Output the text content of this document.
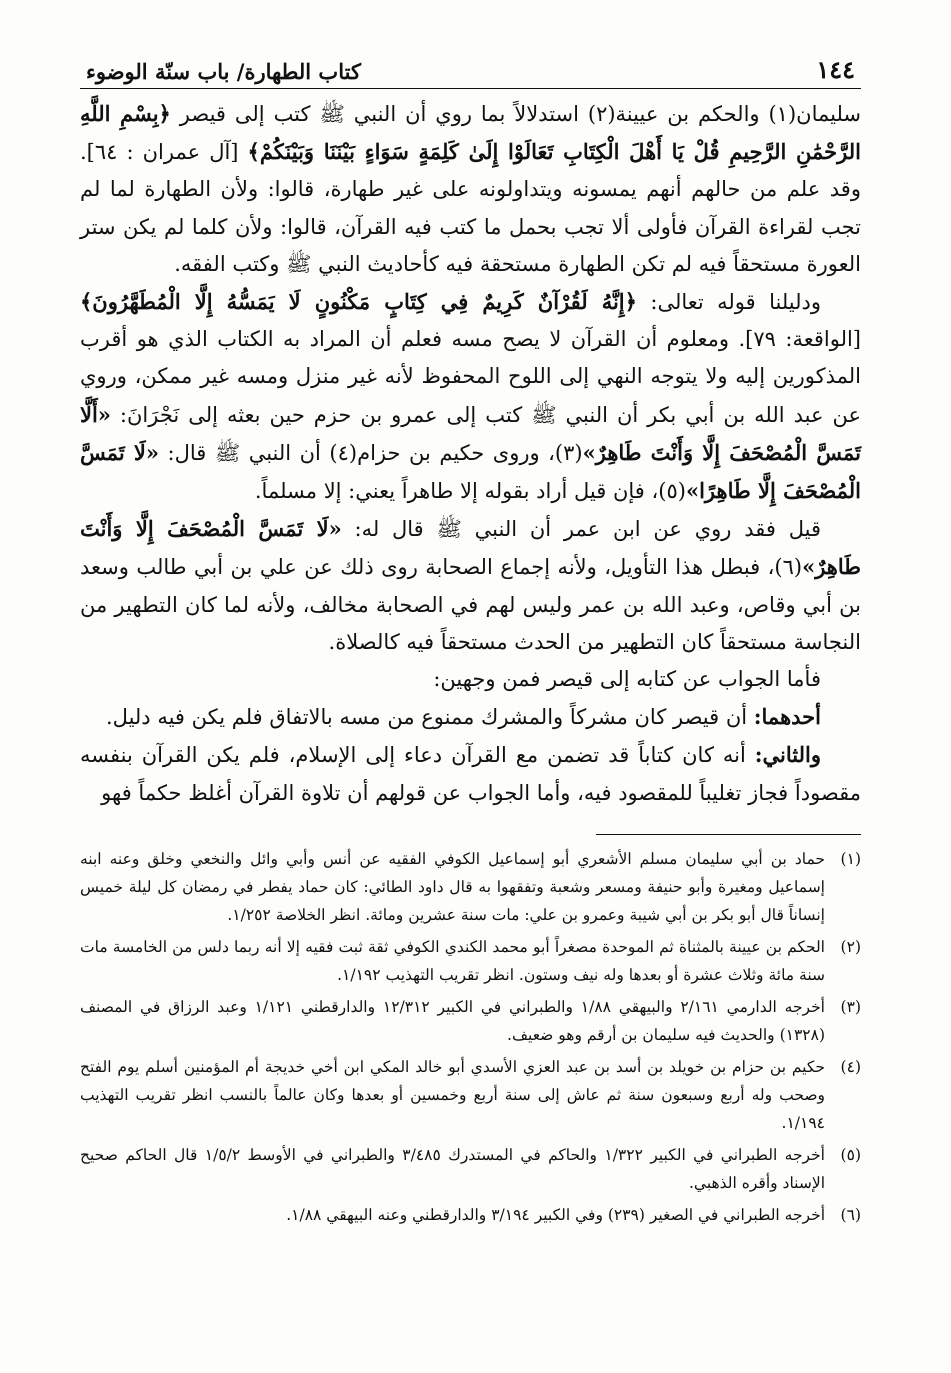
١٤٤
كتاب الطهارة/ باب سنّة الوضوء

سليمان(١) والحكم بن عيينة(٢) استدلالاً بما روي أن النبي ﷺ كتب إلى قيصر ﴿بِسْمِ اللَّهِ الرَّحْمَٰنِ الرَّحِيمِ قُلْ يَا أَهْلَ الْكِتَابِ تَعَالَوْا إِلَىٰ كَلِمَةٍ سَوَاءٍ بَيْنَنَا وَبَيْنَكُمْ﴾ [آل عمران : ٦٤]. وقد علم من حالهم أنهم يمسونه ويتداولونه على غير طهارة، قالوا: ولأن الطهارة لما لم تجب لقراءة القرآن فأولى ألا تجب بحمل ما كتب فيه القرآن، قالوا: ولأن كلما لم يكن ستر العورة مستحقاً فيه لم تكن الطهارة مستحقة فيه كأحاديث النبي ﷺ وكتب الفقه.

ودليلنا قوله تعالى: ﴿إِنَّهُ لَقُرْآنٌ كَرِيمٌ فِي كِتَابٍ مَكْنُونٍ لَا يَمَسُّهُ إِلَّا الْمُطَهَّرُونَ﴾ [الواقعة: ٧٩]. ومعلوم أن القرآن لا يصح مسه فعلم أن المراد به الكتاب الذي هو أقرب المذكورين إليه ولا يتوجه النهي إلى اللوح المحفوظ لأنه غير منزل ومسه غير ممكن، وروي عن عبد الله بن أبي بكر أن النبي ﷺ كتب إلى عمرو بن حزم حين بعثه إلى نَجْرَانَ: «أَلَّا تَمَسَّ الْمُصْحَفَ إِلَّا وَأَنْتَ طَاهِرٌ»(٣)، وروى حكيم بن حزام(٤) أن النبي ﷺ قال: «لَا تَمَسَّ الْمُصْحَفَ إِلَّا طَاهِرًا»(٥)، فإن قيل أراد بقوله إلا طاهراً يعني: إلا مسلماً.

قيل فقد روي عن ابن عمر أن النبي ﷺ قال له: «لَا تَمَسَّ الْمُصْحَفَ إِلَّا وَأَنْتَ طَاهِرٌ»(٦)، فبطل هذا التأويل، ولأنه إجماع الصحابة روى ذلك عن علي بن أبي طالب وسعد بن أبي وقاص، وعبد الله بن عمر وليس لهم في الصحابة مخالف، ولأنه لما كان التطهير من النجاسة مستحقاً كان التطهير من الحدث مستحقاً فيه كالصلاة.

فأما الجواب عن كتابه إلى قيصر فمن وجهين:

أحدهما: أن قيصر كان مشركاً والمشرك ممنوع من مسه بالاتفاق فلم يكن فيه دليل.

والثاني: أنه كان كتاباً قد تضمن مع القرآن دعاء إلى الإسلام، فلم يكن القرآن بنفسه مقصوداً فجاز تغليباً للمقصود فيه، وأما الجواب عن قولهم أن تلاوة القرآن أغلظ حكماً فهو

(١)
حماد بن أبي سليمان مسلم الأشعري أبو إسماعيل الكوفي الفقيه عن أنس وأبي وائل والنخعي وخلق وعنه ابنه إسماعيل ومغيرة وأبو حنيفة ومسعر وشعبة وتفقهوا به قال داود الطائي: كان حماد يفطر في رمضان كل ليلة خميس إنساناً قال أبو بكر بن أبي شيبة وعمرو بن علي: مات سنة عشرين ومائة. انظر الخلاصة ١/٢٥٢.
(٢)
الحكم بن عيينة بالمثناة ثم الموحدة مصغراً أبو محمد الكندي الكوفي ثقة ثبت فقيه إلا أنه ربما دلس من الخامسة مات سنة مائة وثلاث عشرة أو بعدها وله نيف وستون. انظر تقريب التهذيب ١/١٩٢.
(٣)
أخرجه الدارمي ٢/١٦١ والبيهقي ١/٨٨ والطبراني في الكبير ١٢/٣١٢ والدارقطني ١/١٢١ وعبد الرزاق في المصنف (١٣٢٨) والحديث فيه سليمان بن أرقم وهو ضعيف.
(٤)
حكيم بن حزام بن خويلد بن أسد بن عبد العزي الأسدي أبو خالد المكي ابن أخي خديجة أم المؤمنين أسلم يوم الفتح وصحب وله أربع وسبعون سنة ثم عاش إلى سنة أربع وخمسين أو بعدها وكان عالماً بالنسب انظر تقريب التهذيب ١/١٩٤.
(٥)
أخرجه الطبراني في الكبير ١/٣٢٢ والحاكم في المستدرك ٣/٤٨٥ والطبراني في الأوسط ١/٥/٢ قال الحاكم صحيح الإسناد وأقره الذهبي.
(٦)
أخرجه الطبراني في الصغير (٢٣٩) وفي الكبير ٣/١٩٤ والدارقطني وعنه البيهقي ١/٨٨.
